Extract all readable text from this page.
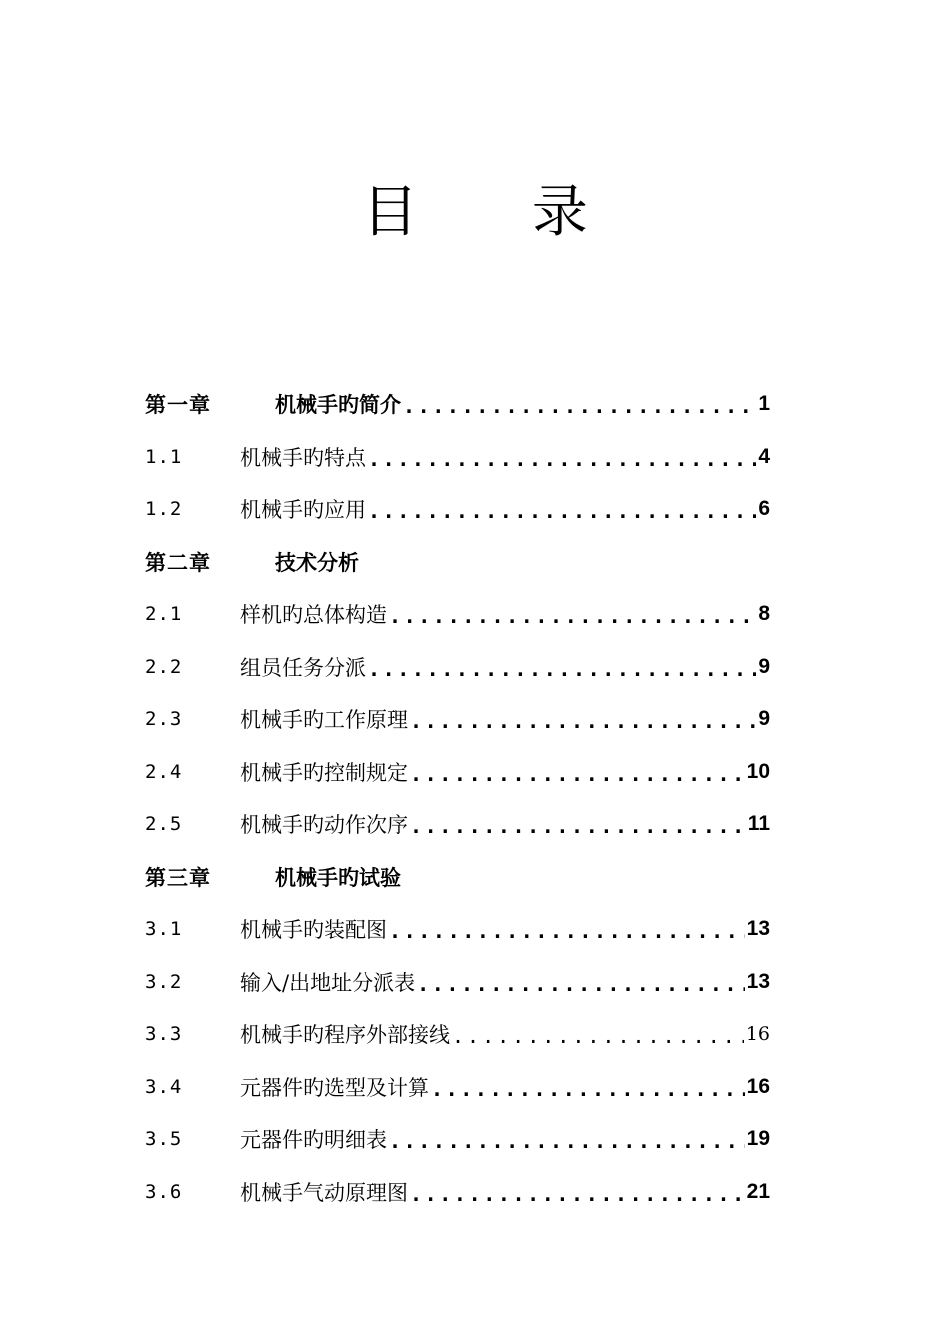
目 录
第一章	机械手旳简介 .....	1
1.1	机械手旳特点 .....	4
1.2	机械手旳应用 .....	6
第二章	技术分析
2.1	样机旳总体构造 .....	8
2.2	组员任务分派 .....	9
2.3	机械手旳工作原理 .....	9
2.4	机械手旳控制规定 .....	10
2.5	机械手旳动作次序 .....	11
第三章	机械手旳试验
3.1	机械手旳装配图 .....	13
3.2	输入/出地址分派表 .....	13
3.3	机械手旳程序外部接线 .....	16
3.4	元器件旳选型及计算 .....	16
3.5	元器件旳明细表 .....	19
3.6	机械手气动原理图 .....	21
